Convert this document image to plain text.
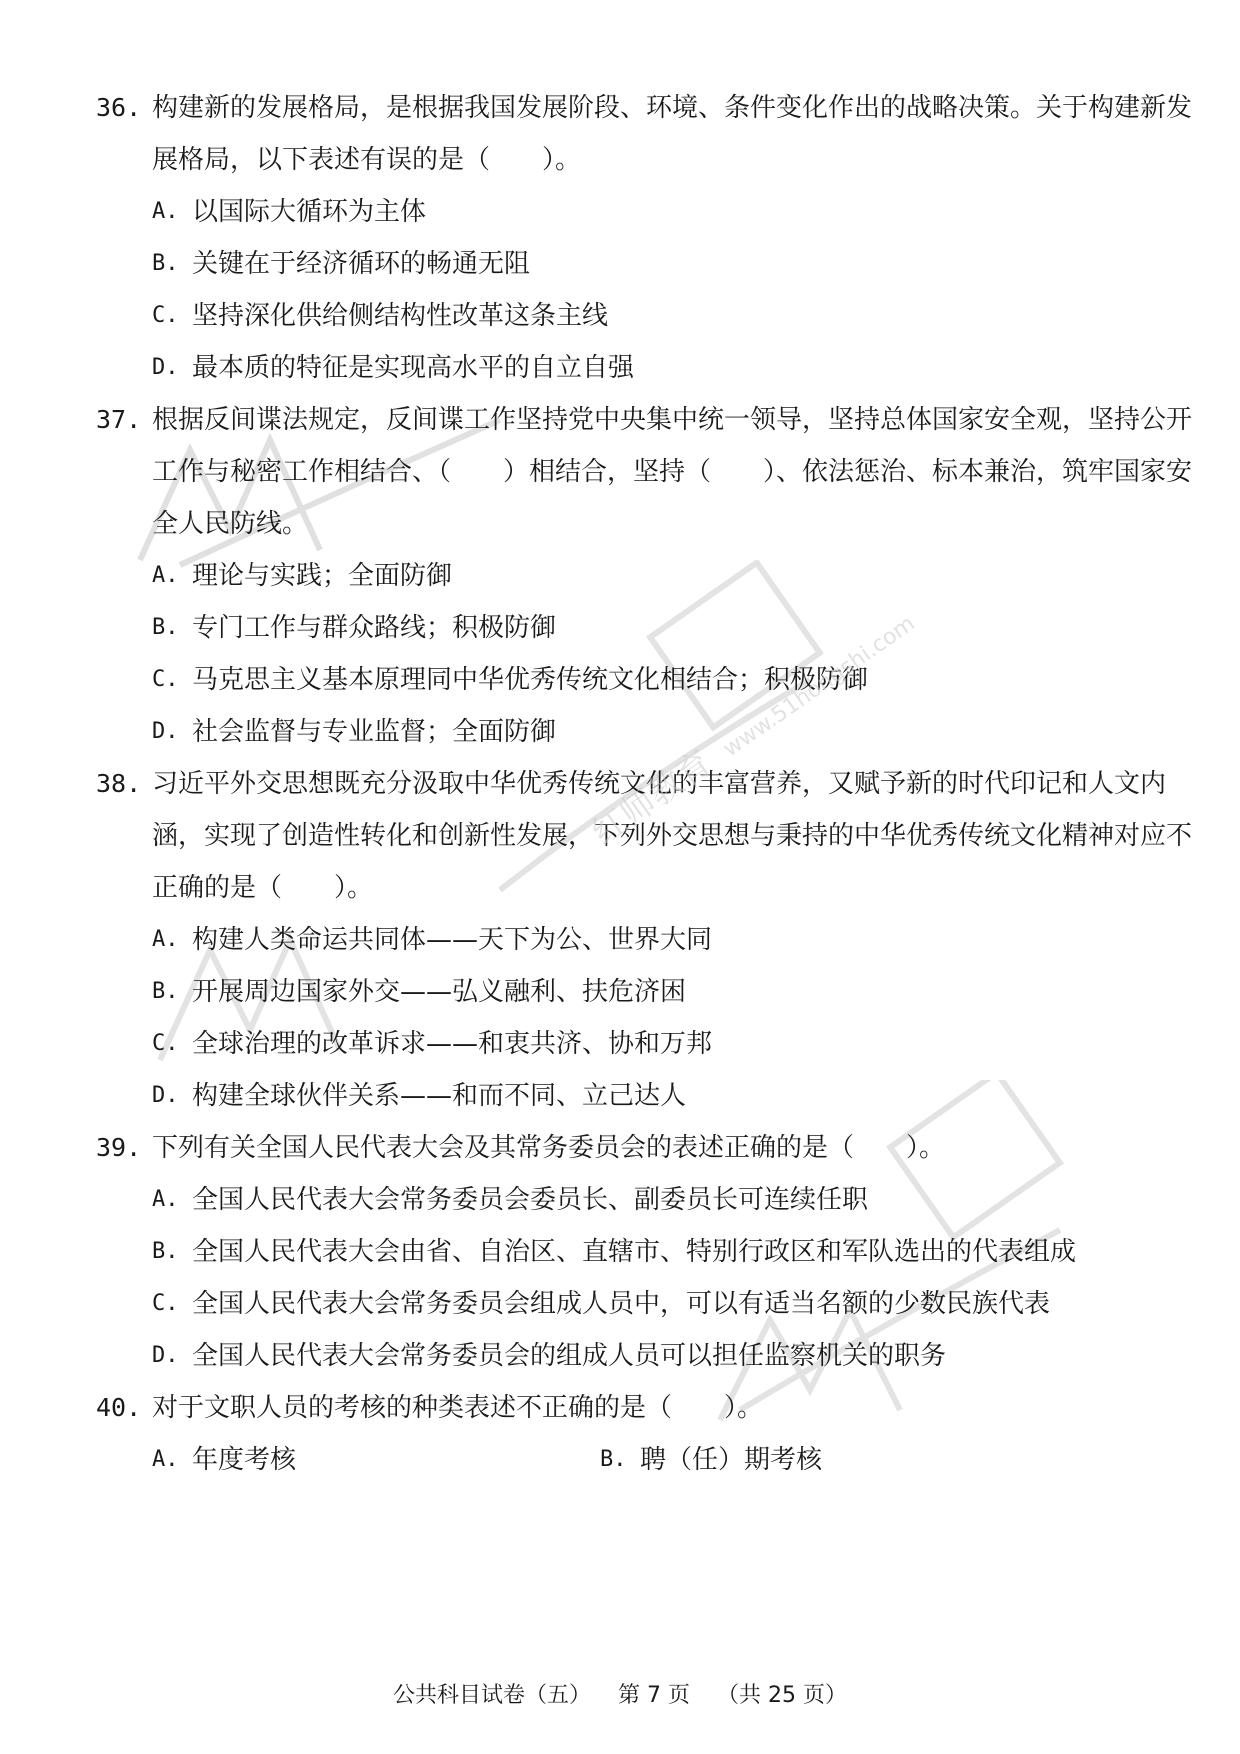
36. 构建新的发展格局，是根据我国发展阶段、环境、条件变化作出的战略决策。关于构建新发
展格局，以下表述有误的是（　　）。
A. 以国际大循环为主体
B. 关键在于经济循环的畅通无阻
C. 坚持深化供给侧结构性改革这条主线
D. 最本质的特征是实现高水平的自立自强
37. 根据反间谍法规定，反间谍工作坚持党中央集中统一领导，坚持总体国家安全观，坚持公开
工作与秘密工作相结合、（　　）相结合，坚持（　　）、依法惩治、标本兼治，筑牢国家安
全人民防线。
A. 理论与实践；全面防御
B. 专门工作与群众路线；积极防御
C. 马克思主义基本原理同中华优秀传统文化相结合；积极防御
D. 社会监督与专业监督；全面防御
38. 习近平外交思想既充分汲取中华优秀传统文化的丰富营养，又赋予新的时代印记和人文内
涵，实现了创造性转化和创新性发展，下列外交思想与秉持的中华优秀传统文化精神对应不
正确的是（　　）。
A. 构建人类命运共同体——天下为公、世界大同
B. 开展周边国家外交——弘义融利、扶危济困
C. 全球治理的改革诉求——和衷共济、协和万邦
D. 构建全球伙伴关系——和而不同、立己达人
39. 下列有关全国人民代表大会及其常务委员会的表述正确的是（　　）。
A. 全国人民代表大会常务委员会委员长、副委员长可连续任职
B. 全国人民代表大会由省、自治区、直辖市、特别行政区和军队选出的代表组成
C. 全国人民代表大会常务委员会组成人员中，可以有适当名额的少数民族代表
D. 全国人民代表大会常务委员会的组成人员可以担任监察机关的职务
40. 对于文职人员的考核的种类表述不正确的是（　　）。
A. 年度考核	B. 聘（任）期考核
公共科目试卷（五） 第 7 页 （共 25 页）
红师教育 www.51hongshi.com
